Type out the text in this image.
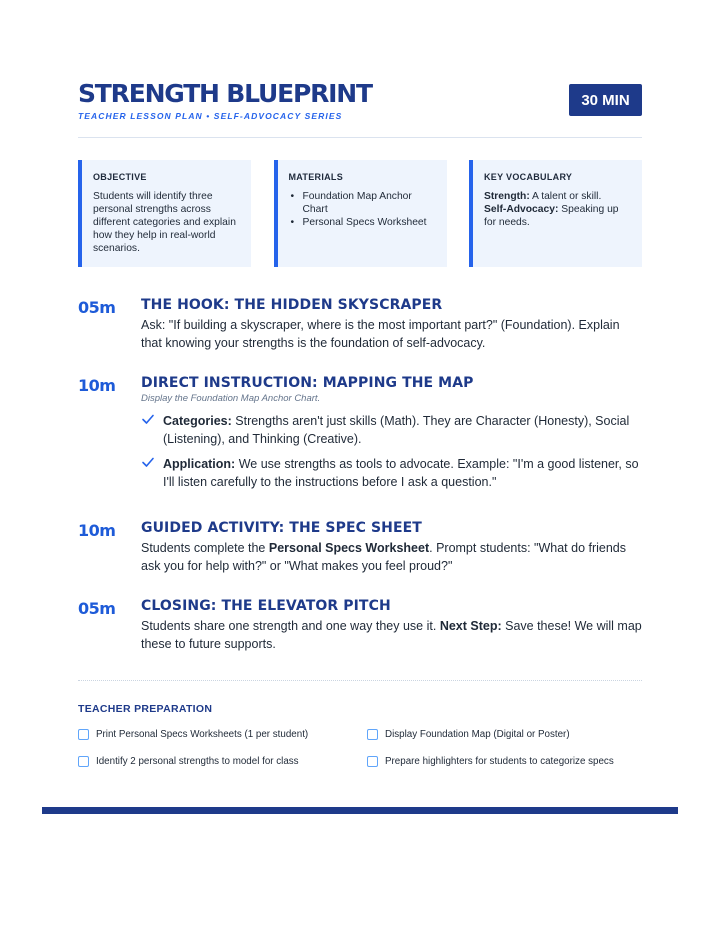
STRENGTH BLUEPRINT
TEACHER LESSON PLAN • SELF-ADVOCACY SERIES
30 MIN
OBJECTIVE
Students will identify three personal strengths across different categories and explain how they help in real-world scenarios.
MATERIALS
• Foundation Map Anchor Chart
• Personal Specs Worksheet
KEY VOCABULARY
Strength: A talent or skill.
Self-Advocacy: Speaking up for needs.
05m THE HOOK: THE HIDDEN SKYSCRAPER
Ask: "If building a skyscraper, where is the most important part?" (Foundation). Explain that knowing your strengths is the foundation of self-advocacy.
10m DIRECT INSTRUCTION: MAPPING THE MAP
Display the Foundation Map Anchor Chart.
Categories: Strengths aren't just skills (Math). They are Character (Honesty), Social (Listening), and Thinking (Creative).
Application: We use strengths as tools to advocate. Example: "I'm a good listener, so I'll listen carefully to the instructions before I ask a question."
10m GUIDED ACTIVITY: THE SPEC SHEET
Students complete the Personal Specs Worksheet. Prompt students: "What do friends ask you for help with?" or "What makes you feel proud?"
05m CLOSING: THE ELEVATOR PITCH
Students share one strength and one way they use it. Next Step: Save these! We will map these to future supports.
TEACHER PREPARATION
Print Personal Specs Worksheets (1 per student)	Display Foundation Map (Digital or Poster)
Identify 2 personal strengths to model for class	Prepare highlighters for students to categorize specs
